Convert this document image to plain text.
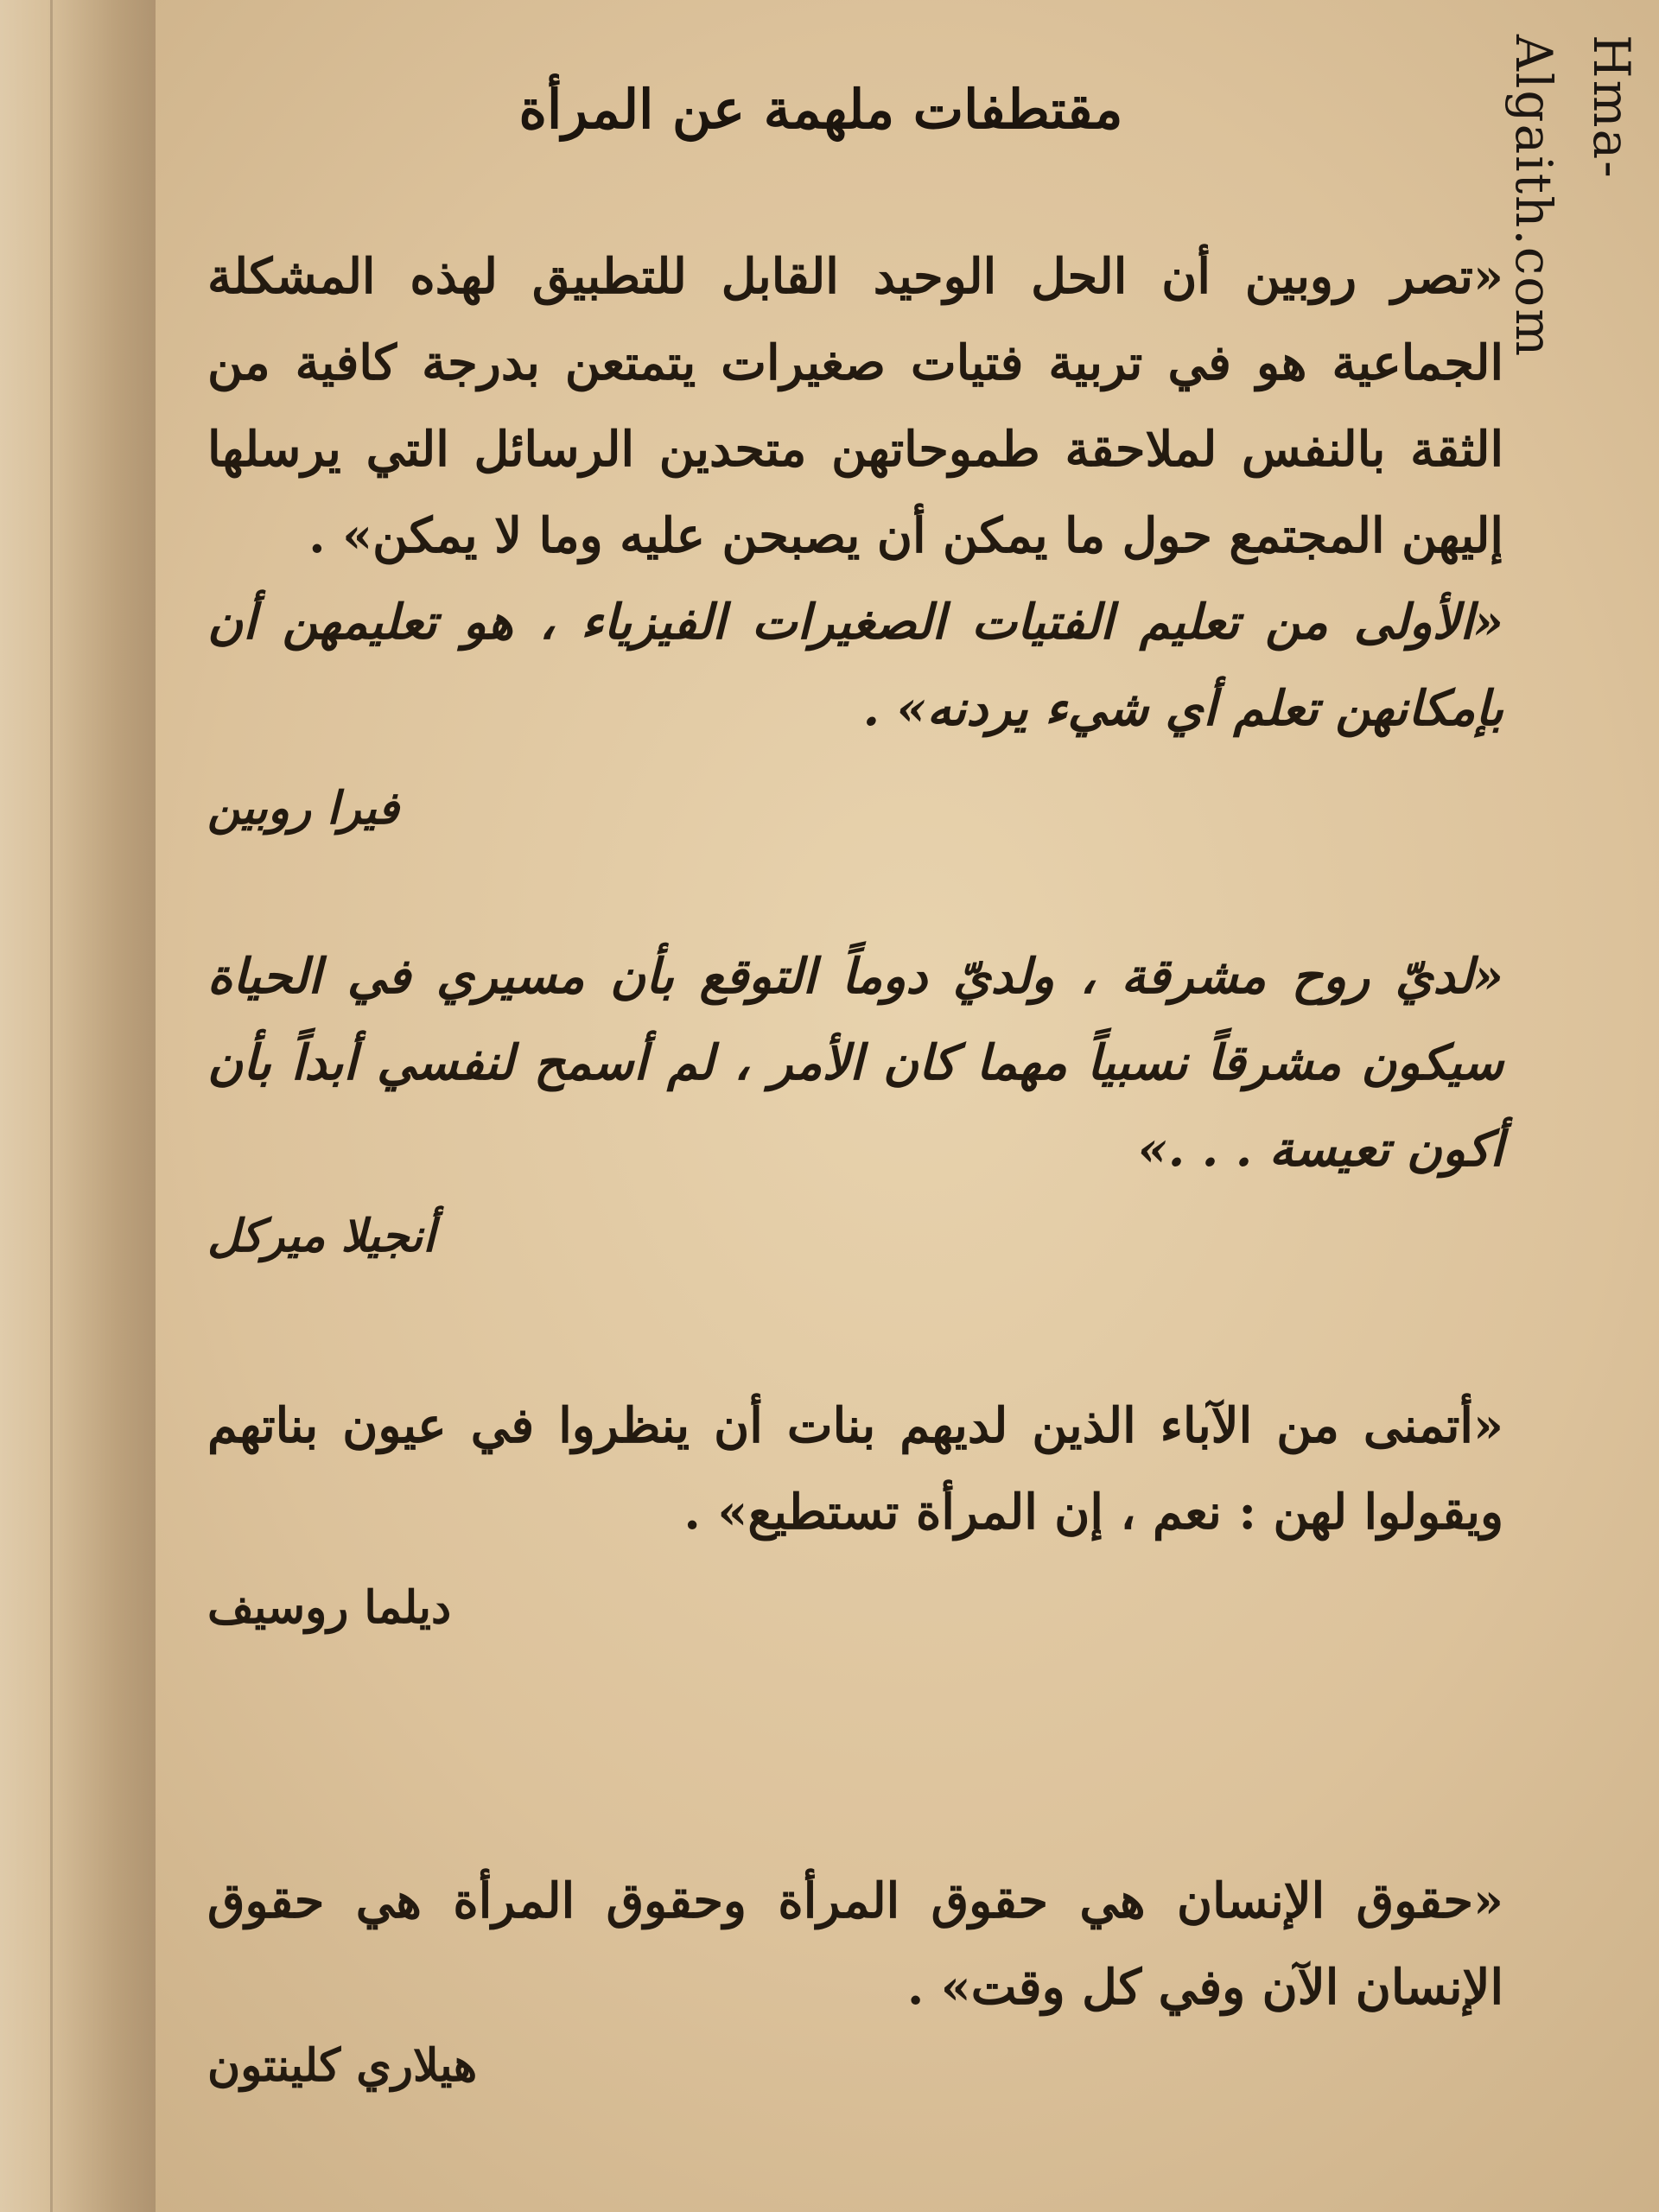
Hma-Algaith.com
مقتطفات ملهمة عن المرأة
«تصر روبين أن الحل الوحيد القابل للتطبيق لهذه المشكلة الجماعية هو في تربية فتيات صغيرات يتمتعن بدرجة كافية من الثقة بالنفس لملاحقة طموحاتهن متحدين الرسائل التي يرسلها إليهن المجتمع حول ما يمكن أن يصبحن عليه وما لا يمكن» .
«الأولى من تعليم الفتيات الصغيرات الفيزياء ، هو تعليمهن أن بإمكانهن تعلم أي شيء يردنه» .
فيرا روبين
«لديّ روح مشرقة ، ولديّ دوماً التوقع بأن مسيري في الحياة سيكون مشرقاً نسبياً مهما كان الأمر ، لم أسمح لنفسي أبداً بأن أكون تعيسة . . .»
أنجيلا ميركل
«أتمنى من الآباء الذين لديهم بنات أن ينظروا في عيون بناتهم ويقولوا لهن : نعم ، إن المرأة تستطيع» .
ديلما روسيف
«حقوق الإنسان هي حقوق المرأة وحقوق المرأة هي حقوق الإنسان الآن وفي كل وقت» .
هيلاري كلينتون
